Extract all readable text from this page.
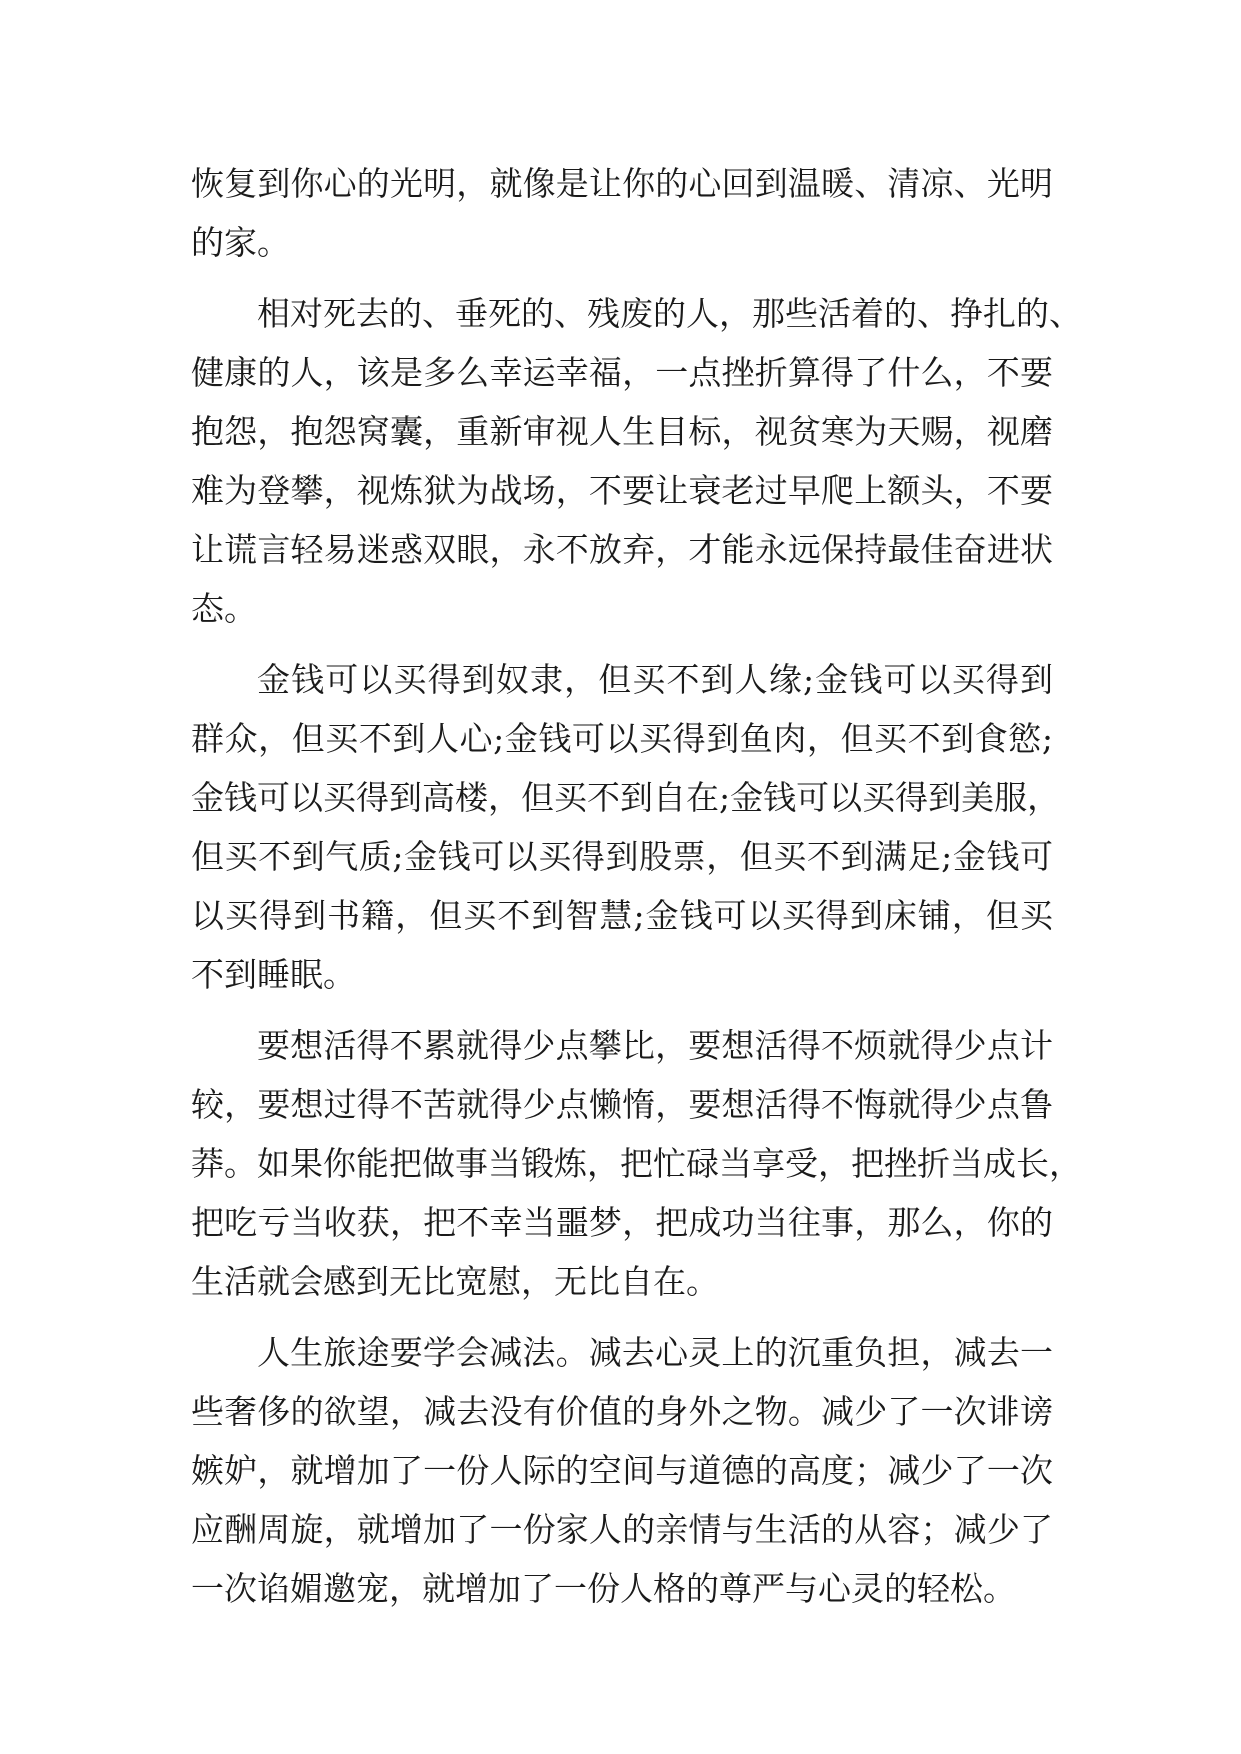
恢复到你心的光明，就像是让你的心回到温暖、清凉、光明
的家。
相对死去的、垂死的、残废的人，那些活着的、挣扎的、
健康的人，该是多么幸运幸福，一点挫折算得了什么，不要
抱怨，抱怨窝囊，重新审视人生目标，视贫寒为天赐，视磨
难为登攀，视炼狱为战场，不要让衰老过早爬上额头，不要
让谎言轻易迷惑双眼，永不放弃，才能永远保持最佳奋进状
态。
金钱可以买得到奴隶，但买不到人缘;金钱可以买得到
群众，但买不到人心;金钱可以买得到鱼肉，但买不到食慾;
金钱可以买得到高楼，但买不到自在;金钱可以买得到美服，
但买不到气质;金钱可以买得到股票，但买不到满足;金钱可
以买得到书籍，但买不到智慧;金钱可以买得到床铺，但买
不到睡眠。
要想活得不累就得少点攀比，要想活得不烦就得少点计
较，要想过得不苦就得少点懒惰，要想活得不悔就得少点鲁
莽。如果你能把做事当锻炼，把忙碌当享受，把挫折当成长，
把吃亏当收获，把不幸当噩梦，把成功当往事，那么，你的
生活就会感到无比宽慰，无比自在。
人生旅途要学会减法。减去心灵上的沉重负担，减去一
些奢侈的欲望，减去没有价值的身外之物。减少了一次诽谤
嫉妒，就增加了一份人际的空间与道德的高度；减少了一次
应酬周旋，就增加了一份家人的亲情与生活的从容；减少了
一次谄媚邀宠，就增加了一份人格的尊严与心灵的轻松。
